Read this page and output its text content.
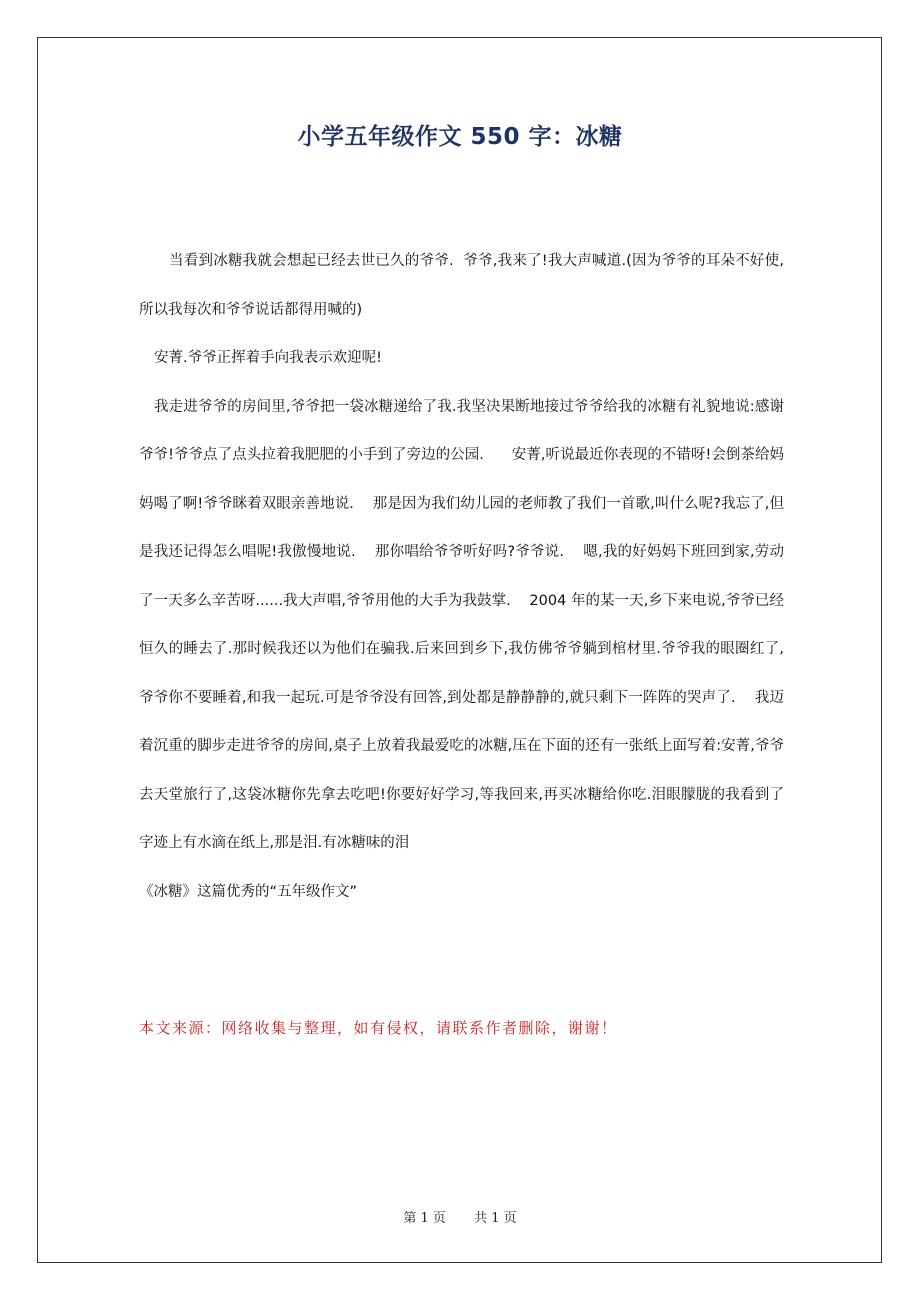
小学五年级作文 550 字：冰糖

当看到冰糖我就会想起已经去世已久的爷爷.  爷爷,我来了!我大声喊道.(因为爷爷的耳朵不好使,所以我每次和爷爷说话都得用喊的)

安菁.爷爷正挥着手向我表示欢迎呢!

我走进爷爷的房间里,爷爷把一袋冰糖递给了我.我坚决果断地接过爷爷给我的冰糖有礼貌地说:感谢爷爷!爷爷点了点头拉着我肥肥的小手到了旁边的公园.      安菁,听说最近你表现的不错呀!会倒茶给妈妈喝了啊!爷爷眯着双眼亲善地说.    那是因为我们幼儿园的老师教了我们一首歌,叫什么呢?我忘了,但是我还记得怎么唱呢!我傲慢地说.    那你唱给爷爷听好吗?爷爷说.    嗯,我的好妈妈下班回到家,劳动了一天多么辛苦呀......我大声唱,爷爷用他的大手为我鼓掌.    2004 年的某一天,乡下来电说,爷爷已经恒久的睡去了.那时候我还以为他们在骗我.后来回到乡下,我仿佛爷爷躺到棺材里.爷爷我的眼圈红了,爷爷你不要睡着,和我一起玩.可是爷爷没有回答,到处都是静静静的,就只剩下一阵阵的哭声了.    我迈着沉重的脚步走进爷爷的房间,桌子上放着我最爱吃的冰糖,压在下面的还有一张纸上面写着:安菁,爷爷去天堂旅行了,这袋冰糖你先拿去吃吧!你要好好学习,等我回来,再买冰糖给你吃.泪眼朦胧的我看到了字迹上有水滴在纸上,那是泪.有冰糖味的泪

《冰糖》这篇优秀的“五年级作文”

本文来源：网络收集与整理，如有侵权，请联系作者删除，谢谢！
第 1 页 共 1 页
